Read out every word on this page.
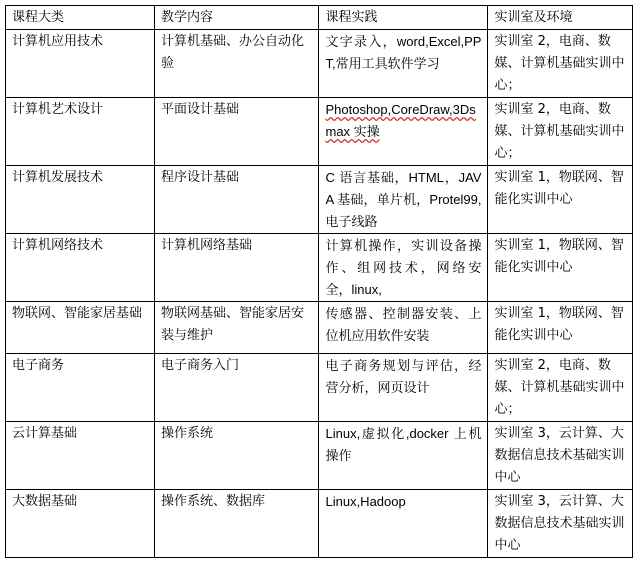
课程大类	教学内容	课程实践	实训室及环境
计算机应用技术	计算机基础、办公自动化验	文字录入，word,Excel,PPT,常用工具软件学习	实训室 2，电商、数媒、计算机基础实训中心；
计算机艺术设计	平面设计基础	Photoshop,CoreDraw,3Dsmax 实操	实训室 2，电商、数媒、计算机基础实训中心；
计算机发展技术	程序设计基础	C 语言基础，HTML，JAVA 基础，单片机，Protel99,电子线路	实训室 1，物联网、智能化实训中心
计算机网络技术	计算机网络基础	计算机操作，实训设备操作、组网技术，网络安全，linux,	实训室 1，物联网、智能化实训中心
物联网、智能家居基础	物联网基础、智能家居安装与维护	传感器、控制器安装、上位机应用软件安装	实训室 1，物联网、智能化实训中心
电子商务	电子商务入门	电子商务规划与评估，经营分析，网页设计	实训室 2，电商、数媒、计算机基础实训中心；
云计算基础	操作系统	Linux,虚拟化,docker 上机操作	实训室 3，云计算、大数据信息技术基础实训中心
大数据基础	操作系统、数据库	Linux,Hadoop	实训室 3，云计算、大数据信息技术基础实训中心
